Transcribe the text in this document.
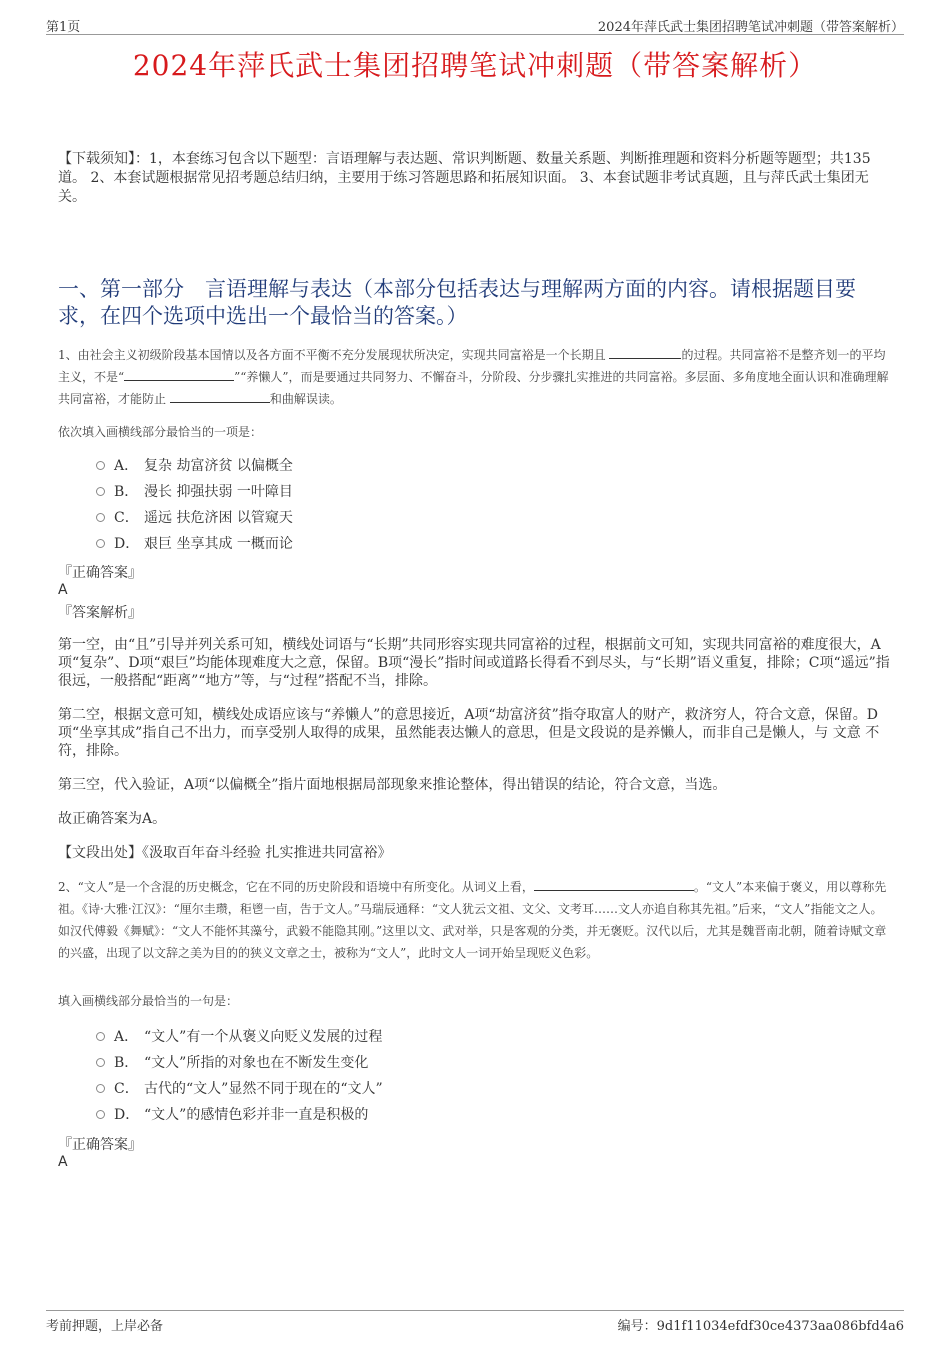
第1页	2024年萍氏武士集团招聘笔试冲刺题（带答案解析）
2024年萍氏武士集团招聘笔试冲刺题（带答案解析）
【下载须知】：1，本套练习包含以下题型：言语理解与表达题、常识判断题、数量关系题、判断推理题和资料分析题等题型；共135道。 2、本套试题根据常见招考题总结归纳，主要用于练习答题思路和拓展知识面。 3、本套试题非考试真题，且与萍氏武士集团无关。
一、第一部分　言语理解与表达（本部分包括表达与理解两方面的内容。请根据题目要求，在四个选项中选出一个最恰当的答案。）
1、由社会主义初级阶段基本国情以及各方面不平衡不充分发展现状所决定，实现共同富裕是一个长期且	的过程。共同富裕不是整齐划一的平均主义，不是“	”“养懒人”，而是要通过共同努力、不懈奋斗，分阶段、分步骤扎实推进的共同富裕。多层面、多角度地全面认识和准确理解共同富裕，才能防止	和曲解误读。
依次填入画横线部分最恰当的一项是：
A． 复杂 劫富济贫 以偏概全
B． 漫长 抑强扶弱 一叶障目
C． 遥远 扶危济困 以管窥天
D． 艰巨 坐享其成 一概而论
『正确答案』
A
『答案解析』
第一空，由“且”引导并列关系可知，横线处词语与“长期”共同形容实现共同富裕的过程，根据前文可知，实现共同富裕的难度很大，A项“复杂”、D项“艰巨”均能体现难度大之意，保留。B项“漫长”指时间或道路长得看不到尽头，与“长期”语义重复，排除；C项“遥远”指很远，一般搭配“距离”“地方”等，与“过程”搭配不当，排除。
第二空，根据文意可知，横线处成语应该与“养懒人”的意思接近，A项“劫富济贫”指夺取富人的财产，救济穷人，符合文意，保留。D项“坐享其成”指自己不出力，而享受别人取得的成果，虽然能表达懒人的意思，但是文段说的是养懒人，而非自己是懒人，与 文意 不符，排除。
第三空，代入验证，A项“以偏概全”指片面地根据局部现象来推论整体，得出错误的结论，符合文意，当选。
故正确答案为A。
【文段出处】《汲取百年奋斗经验 扎实推进共同富裕》
2、“文人”是一个含混的历史概念，它在不同的历史阶段和语境中有所变化。从词义上看，	。“文人”本来偏于褒义，用以尊称先祖。《诗·大雅·江汉》：“厘尔圭瓒，秬鬯一卣，告于文人。”马瑞辰通释：“文人犹云文祖、文父、文考耳……文人亦追自称其先祖。”后来，“文人”指能文之人。如汉代傅毅《舞赋》：“文人不能怀其藻兮，武毅不能隐其刚。”这里以文、武对举，只是客观的分类，并无褒贬。汉代以后，尤其是魏晋南北朝，随着诗赋文章的兴盛，出现了以文辞之美为目的的狭义文章之士，被称为“文人”，此时文人一词开始呈现贬义色彩。
填入画横线部分最恰当的一句是：
A． “文人”有一个从褒义向贬义发展的过程
B． “文人”所指的对象也在不断发生变化
C． 古代的“文人”显然不同于现在的“文人”
D． “文人”的感情色彩并非一直是积极的
『正确答案』
A
考前押题，上岸必备	编号：9d1f11034efdf30ce4373aa086bfd4a6
